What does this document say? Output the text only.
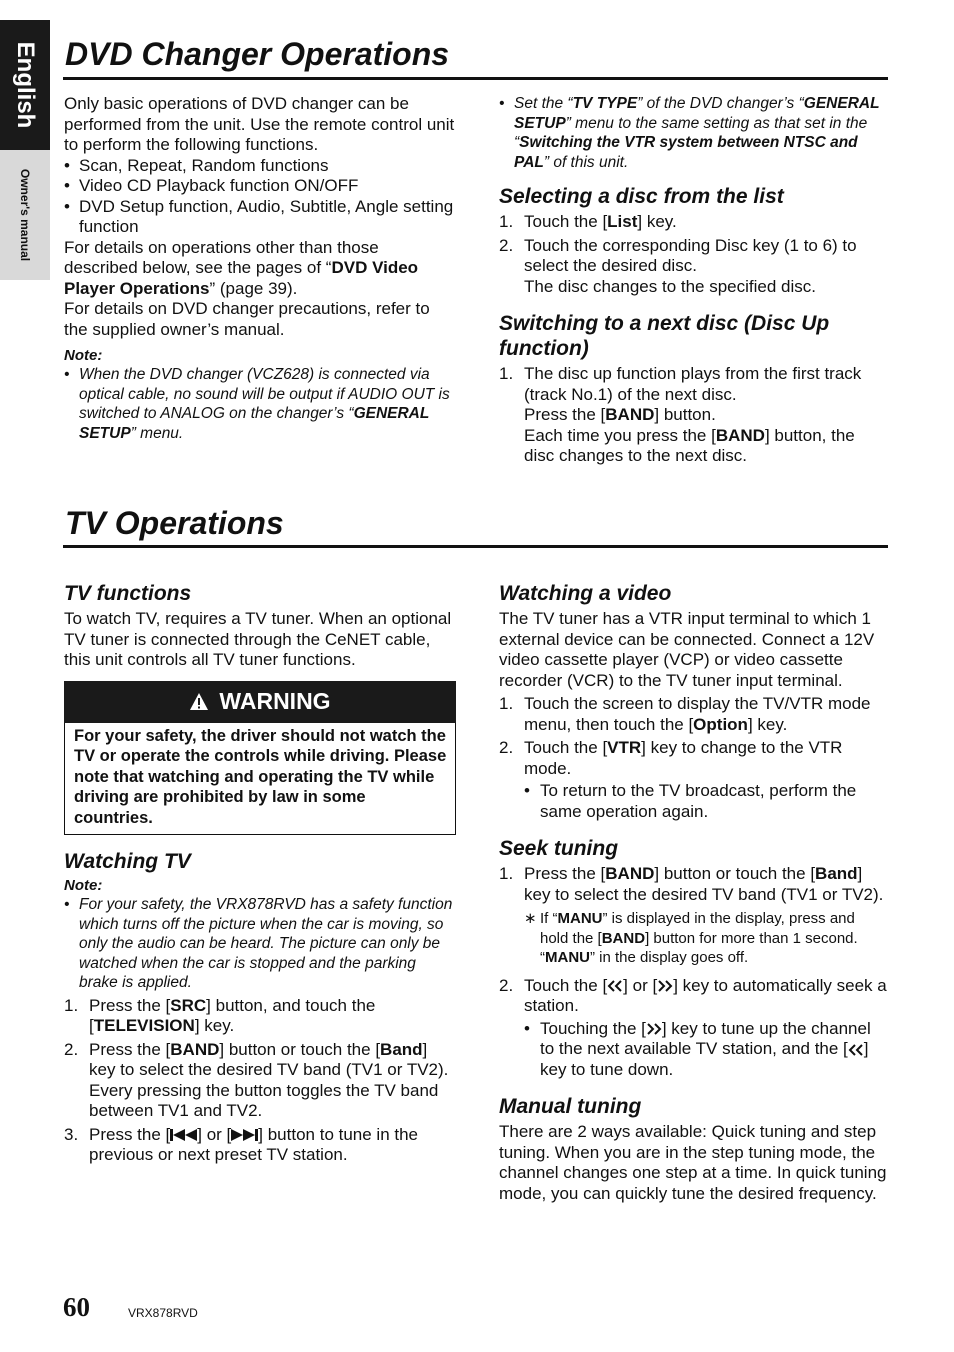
English
Owner's manual
DVD Changer Operations

Only basic operations of DVD changer can be performed from the unit. Use the remote control unit to perform the following functions.

• Scan, Repeat, Random functions
• Video CD Playback function ON/OFF
• DVD Setup function, Audio, Subtitle, Angle setting function

For details on operations other than those described below, see the pages of “DVD Video Player Operations” (page 39).

For details on DVD changer precautions, refer to the supplied owner’s manual.

Note:
• When the DVD changer (VCZ628) is connected via optical cable, no sound will be output if AUDIO OUT is switched to ANALOG on the changer’s “GENERAL SETUP” menu.
• Set the “TV TYPE” of the DVD changer’s “GENERAL SETUP” menu to the same setting as that set in the “Switching the VTR system between NTSC and PAL” of this unit.
Selecting a disc from the list
1. Touch the [List] key.
2. Touch the corresponding Disc key (1 to 6) to select the desired disc.
The disc changes to the specified disc.
Switching to a next disc (Disc Up function)
1. The disc up function plays from the first track (track No.1) of the next disc.
Press the [BAND] button.
Each time you press the [BAND] button, the disc changes to the next disc.
TV Operations
TV functions

To watch TV, requires a TV tuner. When an optional TV tuner is connected through the CeNET cable, this unit controls all TV tuner functions.

WARNING
For your safety, the driver should not watch the TV or operate the controls while driving. Please note that watching and operating the TV while driving are prohibited by law in some countries.
Watching TV
Note:
• For your safety, the VRX878RVD has a safety function which turns off the picture when the car is moving, so only the audio can be heard. The picture can only be watched when the car is stopped and the parking brake is applied.
1. Press the [SRC] button, and touch the [TELEVISION] key.
2. Press the [BAND] button or touch the [Band] key to select the desired TV band (TV1 or TV2).
Every pressing the button toggles the TV band between TV1 and TV2.
3. Press the [ ] or [ ] button to tune in the previous or next preset TV station.
Watching a video

The TV tuner has a VTR input terminal to which 1 external device can be connected. Connect a 12V video cassette player (VCP) or video cassette recorder (VCR) to the TV tuner input terminal.

1. Touch the screen to display the TV/VTR mode menu, then touch the [Option] key.
2. Touch the [VTR] key to change to the VTR mode.
• To return to the TV broadcast, perform the same operation again.
Seek tuning
1. Press the [BAND] button or touch the [Band] key to select the desired TV band (TV1 or TV2).
∗ If “MANU” is displayed in the display, press and hold the [BAND] button for more than 1 second. “MANU” in the display goes off.
2. Touch the [ ] or [ ] key to automatically seek a station.
• Touching the [ ] key to tune up the channel to the next available TV station, and the [ ] key to tune down.
Manual tuning

There are 2 ways available: Quick tuning and step tuning. When you are in the step tuning mode, the channel changes one step at a time. In quick tuning mode, you can quickly tune the desired frequency.

60	VRX878RVD
